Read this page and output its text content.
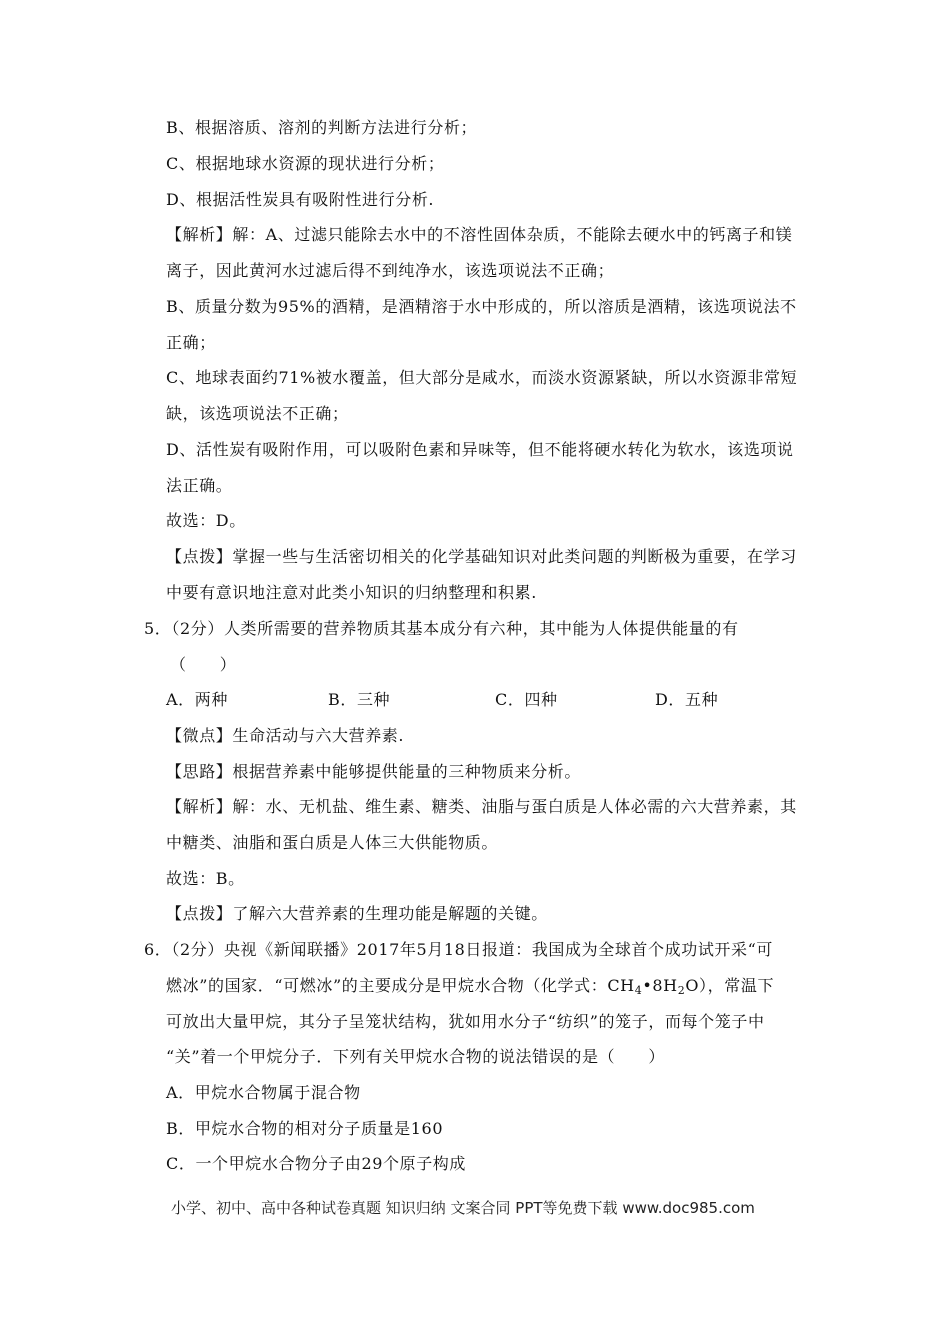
B、根据溶质、溶剂的判断方法进行分析；
C、根据地球水资源的现状进行分析；
D、根据活性炭具有吸附性进行分析.
【解析】解：A、过滤只能除去水中的不溶性固体杂质，不能除去硬水中的钙离子和镁
离子，因此黄河水过滤后得不到纯净水，该选项说法不正确；
B、质量分数为95%的酒精，是酒精溶于水中形成的，所以溶质是酒精，该选项说法不
正确；
C、地球表面约71%被水覆盖，但大部分是咸水，而淡水资源紧缺，所以水资源非常短
缺，该选项说法不正确；
D、活性炭有吸附作用，可以吸附色素和异味等，但不能将硬水转化为软水，该选项说
法正确。
故选：D。
【点拨】掌握一些与生活密切相关的化学基础知识对此类问题的判断极为重要，在学习
中要有意识地注意对此类小知识的归纳整理和积累.
5．（2分）人类所需要的营养物质其基本成分有六种，其中能为人体提供能量的有
（　　）
A．两种	B．三种	C．四种	D．五种
【微点】生命活动与六大营养素.
【思路】根据营养素中能够提供能量的三种物质来分析。
【解析】解：水、无机盐、维生素、糖类、油脂与蛋白质是人体必需的六大营养素，其
中糖类、油脂和蛋白质是人体三大供能物质。
故选：B。
【点拨】了解六大营养素的生理功能是解题的关键。
6．（2分）央视《新闻联播》2017年5月18日报道：我国成为全球首个成功试开采“可
燃冰”的国家．“可燃冰”的主要成分是甲烷水合物（化学式：$CH_4•8H_2O$），常温下
可放出大量甲烷，其分子呈笼状结构，犹如用水分子“纺织”的笼子，而每个笼子中
“关”着一个甲烷分子．下列有关甲烷水合物的说法错误的是（　　）
A．甲烷水合物属于混合物
B．甲烷水合物的相对分子质量是160
C．一个甲烷水合物分子由29个原子构成
小学、初中、高中各种试卷真题 知识归纳 文案合同 PPT等免费下载 www.doc985.com
